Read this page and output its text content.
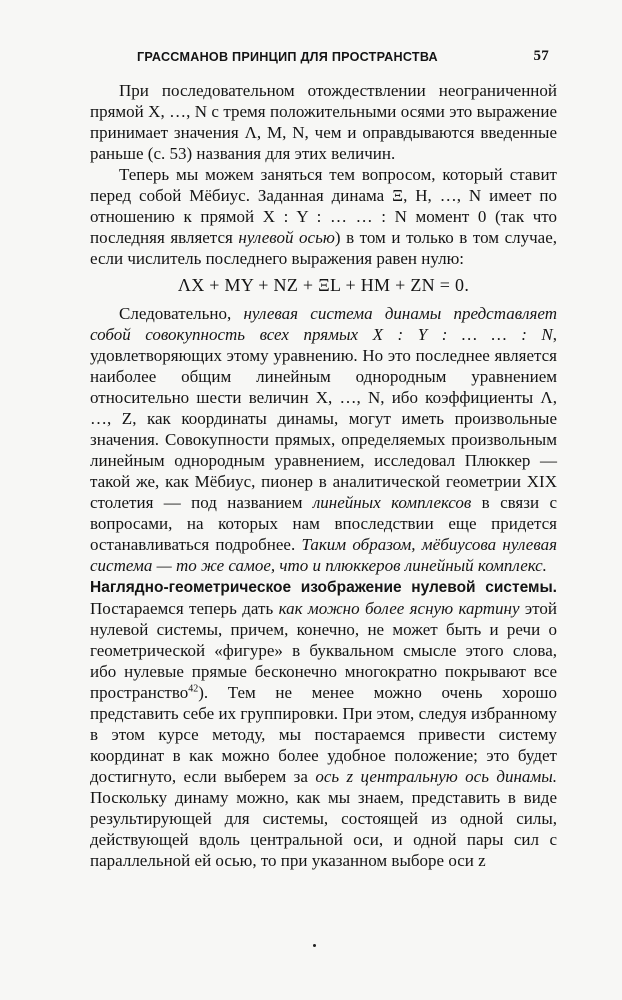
ГРАССМАНОВ ПРИНЦИП ДЛЯ ПРОСТРАНСТВА	57

При последовательном отождествлении неограниченной прямой X, …, N с тремя положительными осями это выражение принимает значения Λ, M, N, чем и оправдываются введенные раньше (с. 53) названия для этих величин.

Теперь мы можем заняться тем вопросом, который ставит перед собой Мёбиус. Заданная динама Ξ, H, …, N имеет по отношению к прямой X : Y : … … : N момент 0 (так что последняя является нулевой осью) в том и только в том случае, если числитель последнего выражения равен нулю:

ΛX + MY + NZ + ΞL + HM + ZN = 0.

Следовательно, нулевая система динамы представляет собой совокупность всех прямых X : Y : … … : N, удовлетворяющих этому уравнению. Но это последнее является наиболее общим линейным однородным уравнением относительно шести величин X, …, N, ибо коэффициенты Λ, …, Z, как координаты динамы, могут иметь произвольные значения. Совокупности прямых, определяемых произвольным линейным однородным уравнением, исследовал Плюккер — такой же, как Мёбиус, пионер в аналитической геометрии XIX столетия — под названием линейных комплексов в связи с вопросами, на которых нам впоследствии еще придется останавливаться подробнее. Таким образом, мёбиусова нулевая система — то же самое, что и плюккеров линейный комплекс.

Наглядно-геометрическое изображение нулевой системы. Постараемся теперь дать как можно более ясную картину этой нулевой системы, причем, конечно, не может быть и речи о геометрической «фигуре» в буквальном смысле этого слова, ибо нулевые прямые бесконечно многократно покрывают все пространство$^{42}$). Тем не менее можно очень хорошо представить себе их группировки. При этом, следуя избранному в этом курсе методу, мы постараемся привести систему координат в как можно более удобное положение; это будет достигнуто, если выберем за ось z центральную ось динамы. Поскольку динаму можно, как мы знаем, представить в виде результирующей для системы, состоящей из одной силы, действующей вдоль центральной оси, и одной пары сил с параллельной ей осью, то при указанном выборе оси z
